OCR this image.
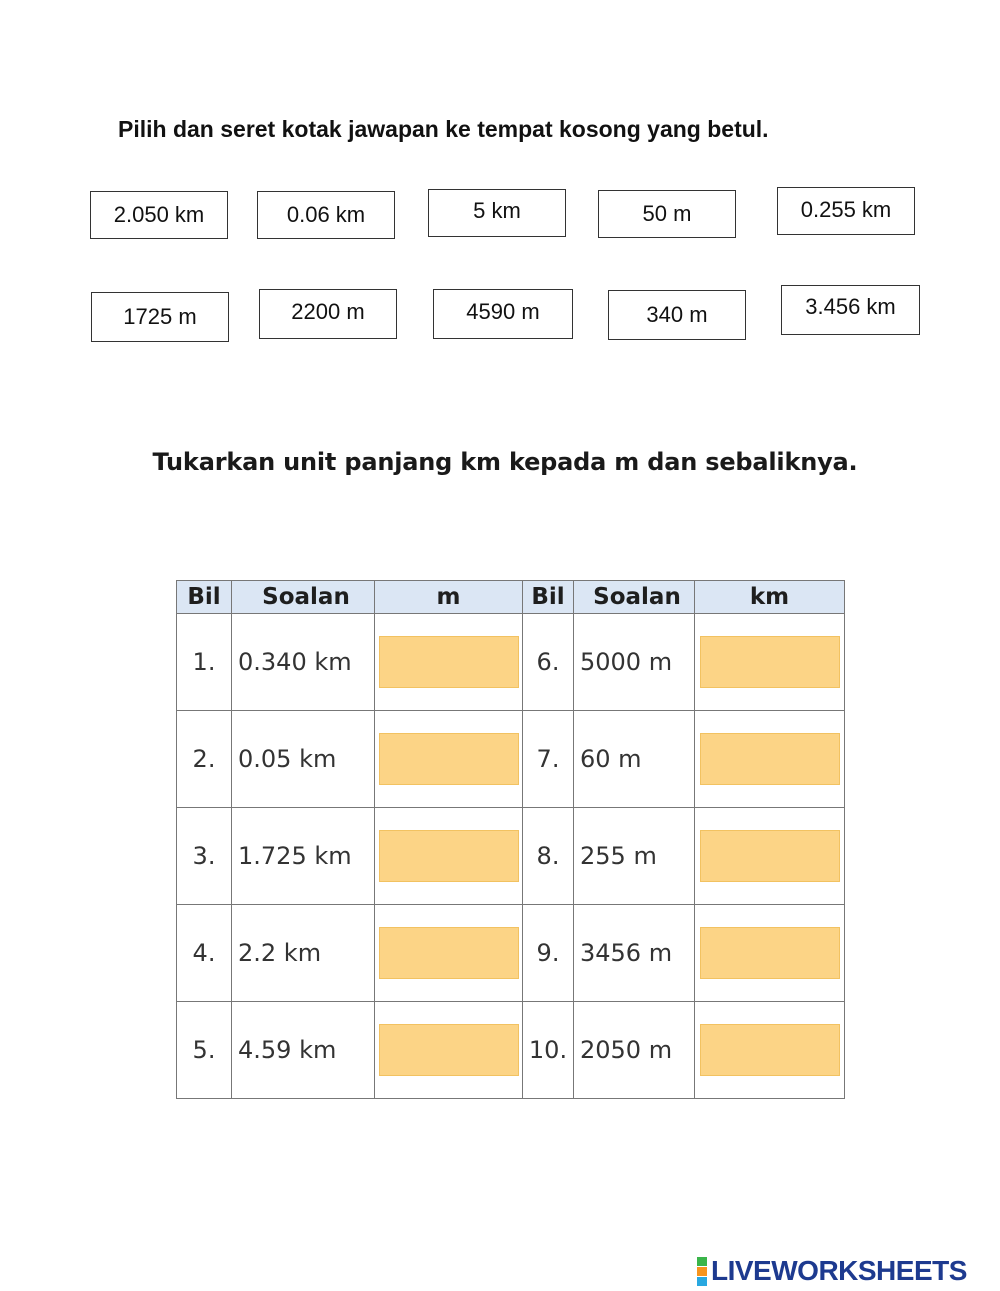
Pilih dan seret kotak jawapan ke tempat kosong yang betul.
2.050 km	0.06 km	5 km	50 m	0.255 km
1725 m	2200 m	4590 m	340 m	3.456 km
Tukarkan unit panjang km kepada m dan sebaliknya.
Bil	Soalan	m	Bil	Soalan	km
1.	0.340 km		6.	5000 m	

2.	0.05 km		7.	60 m	

3.	1.725 km		8.	255 m	

4.	2.2 km		9.	3456 m	

5.	4.59 km		10.	2050 m	
LIVEWORKSHEETS
